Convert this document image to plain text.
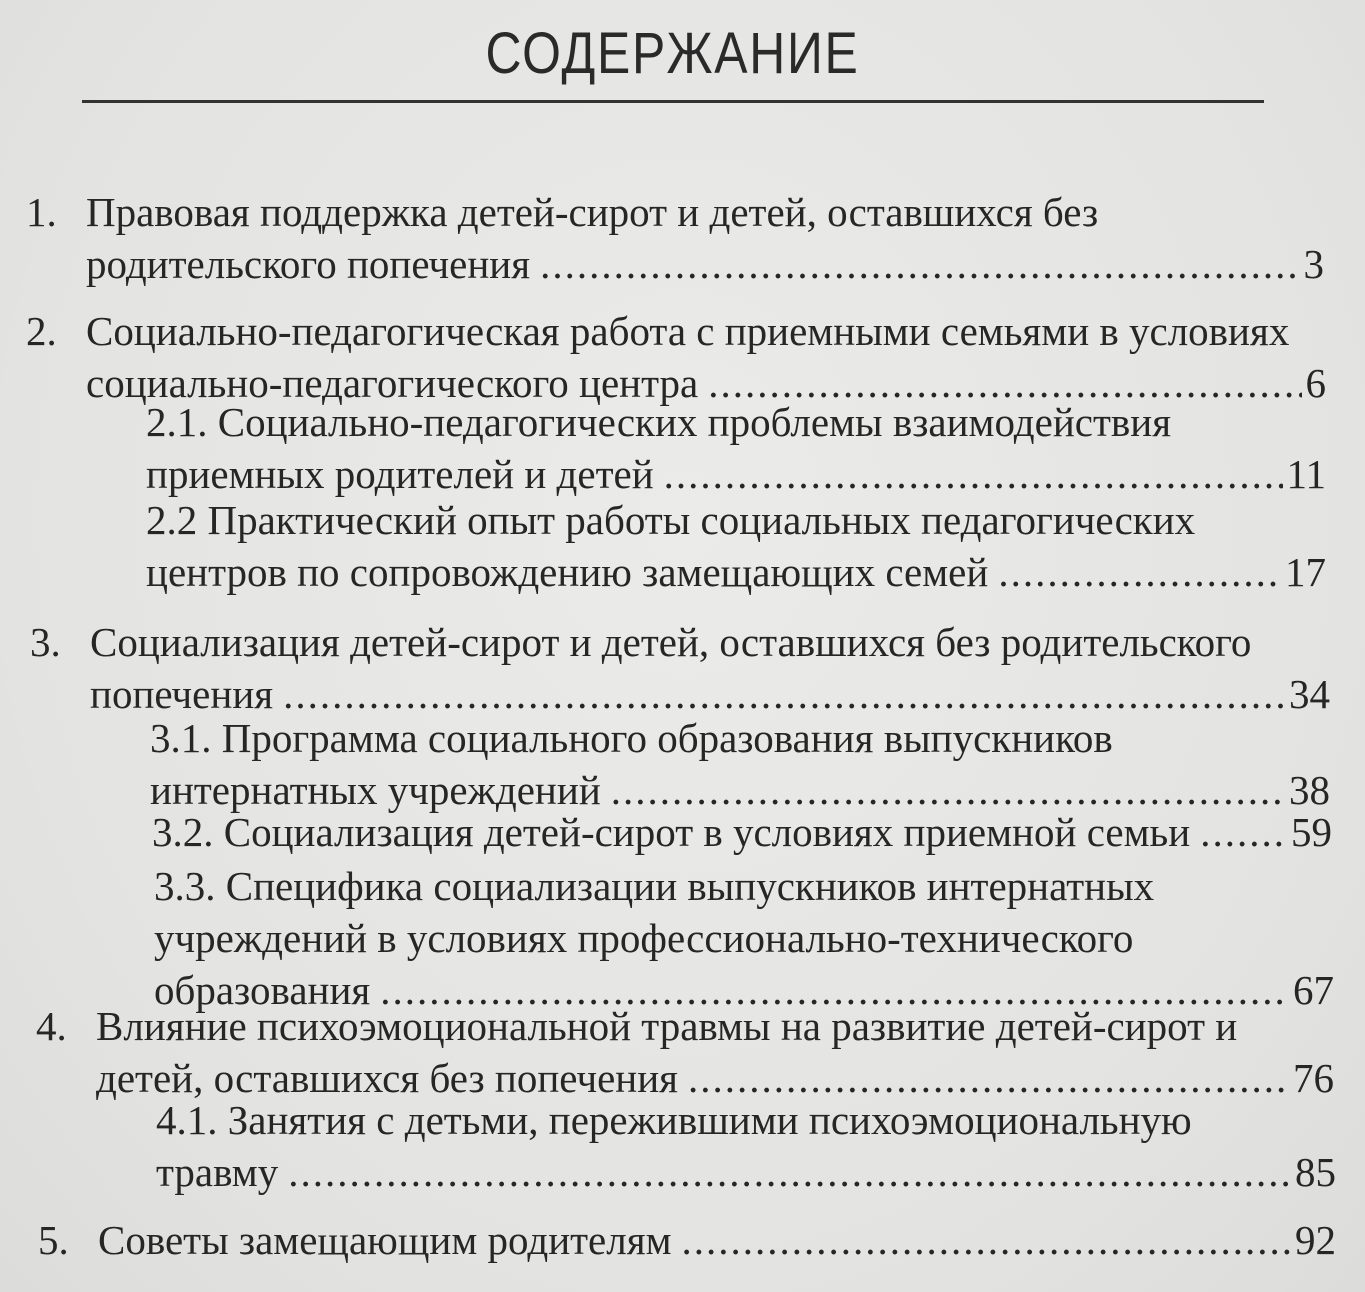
СОДЕРЖАНИЕ
1. Правовая поддержка детей-сирот и детей, оставшихся без
родительского попечения .....	3
2. Социально-педагогическая работа с приемными семьями в условиях
социально-педагогического центра .....	6
2.1. Социально-педагогических проблемы взаимодействия
приемных родителей и детей .....	11
2.2 Практический опыт работы социальных педагогических
центров по сопровождению замещающих семей .....	17
3. Социализация детей-сирот и детей, оставшихся без родительского
попечения .....	34
3.1. Программа социального образования выпускников
интернатных учреждений .....	38
3.2. Социализация детей-сирот в условиях приемной семьи ..... 59
3.3. Специфика социализации выпускников интернатных
учреждений в условиях профессионально-технического
образования .....	67
4. Влияние психоэмоциональной травмы на развитие детей-сирот и
детей, оставшихся без попечения .....	76
4.1. Занятия с детьми, пережившими психоэмоциональную
травму .....	85
5. Советы замещающим родителям .....	92
